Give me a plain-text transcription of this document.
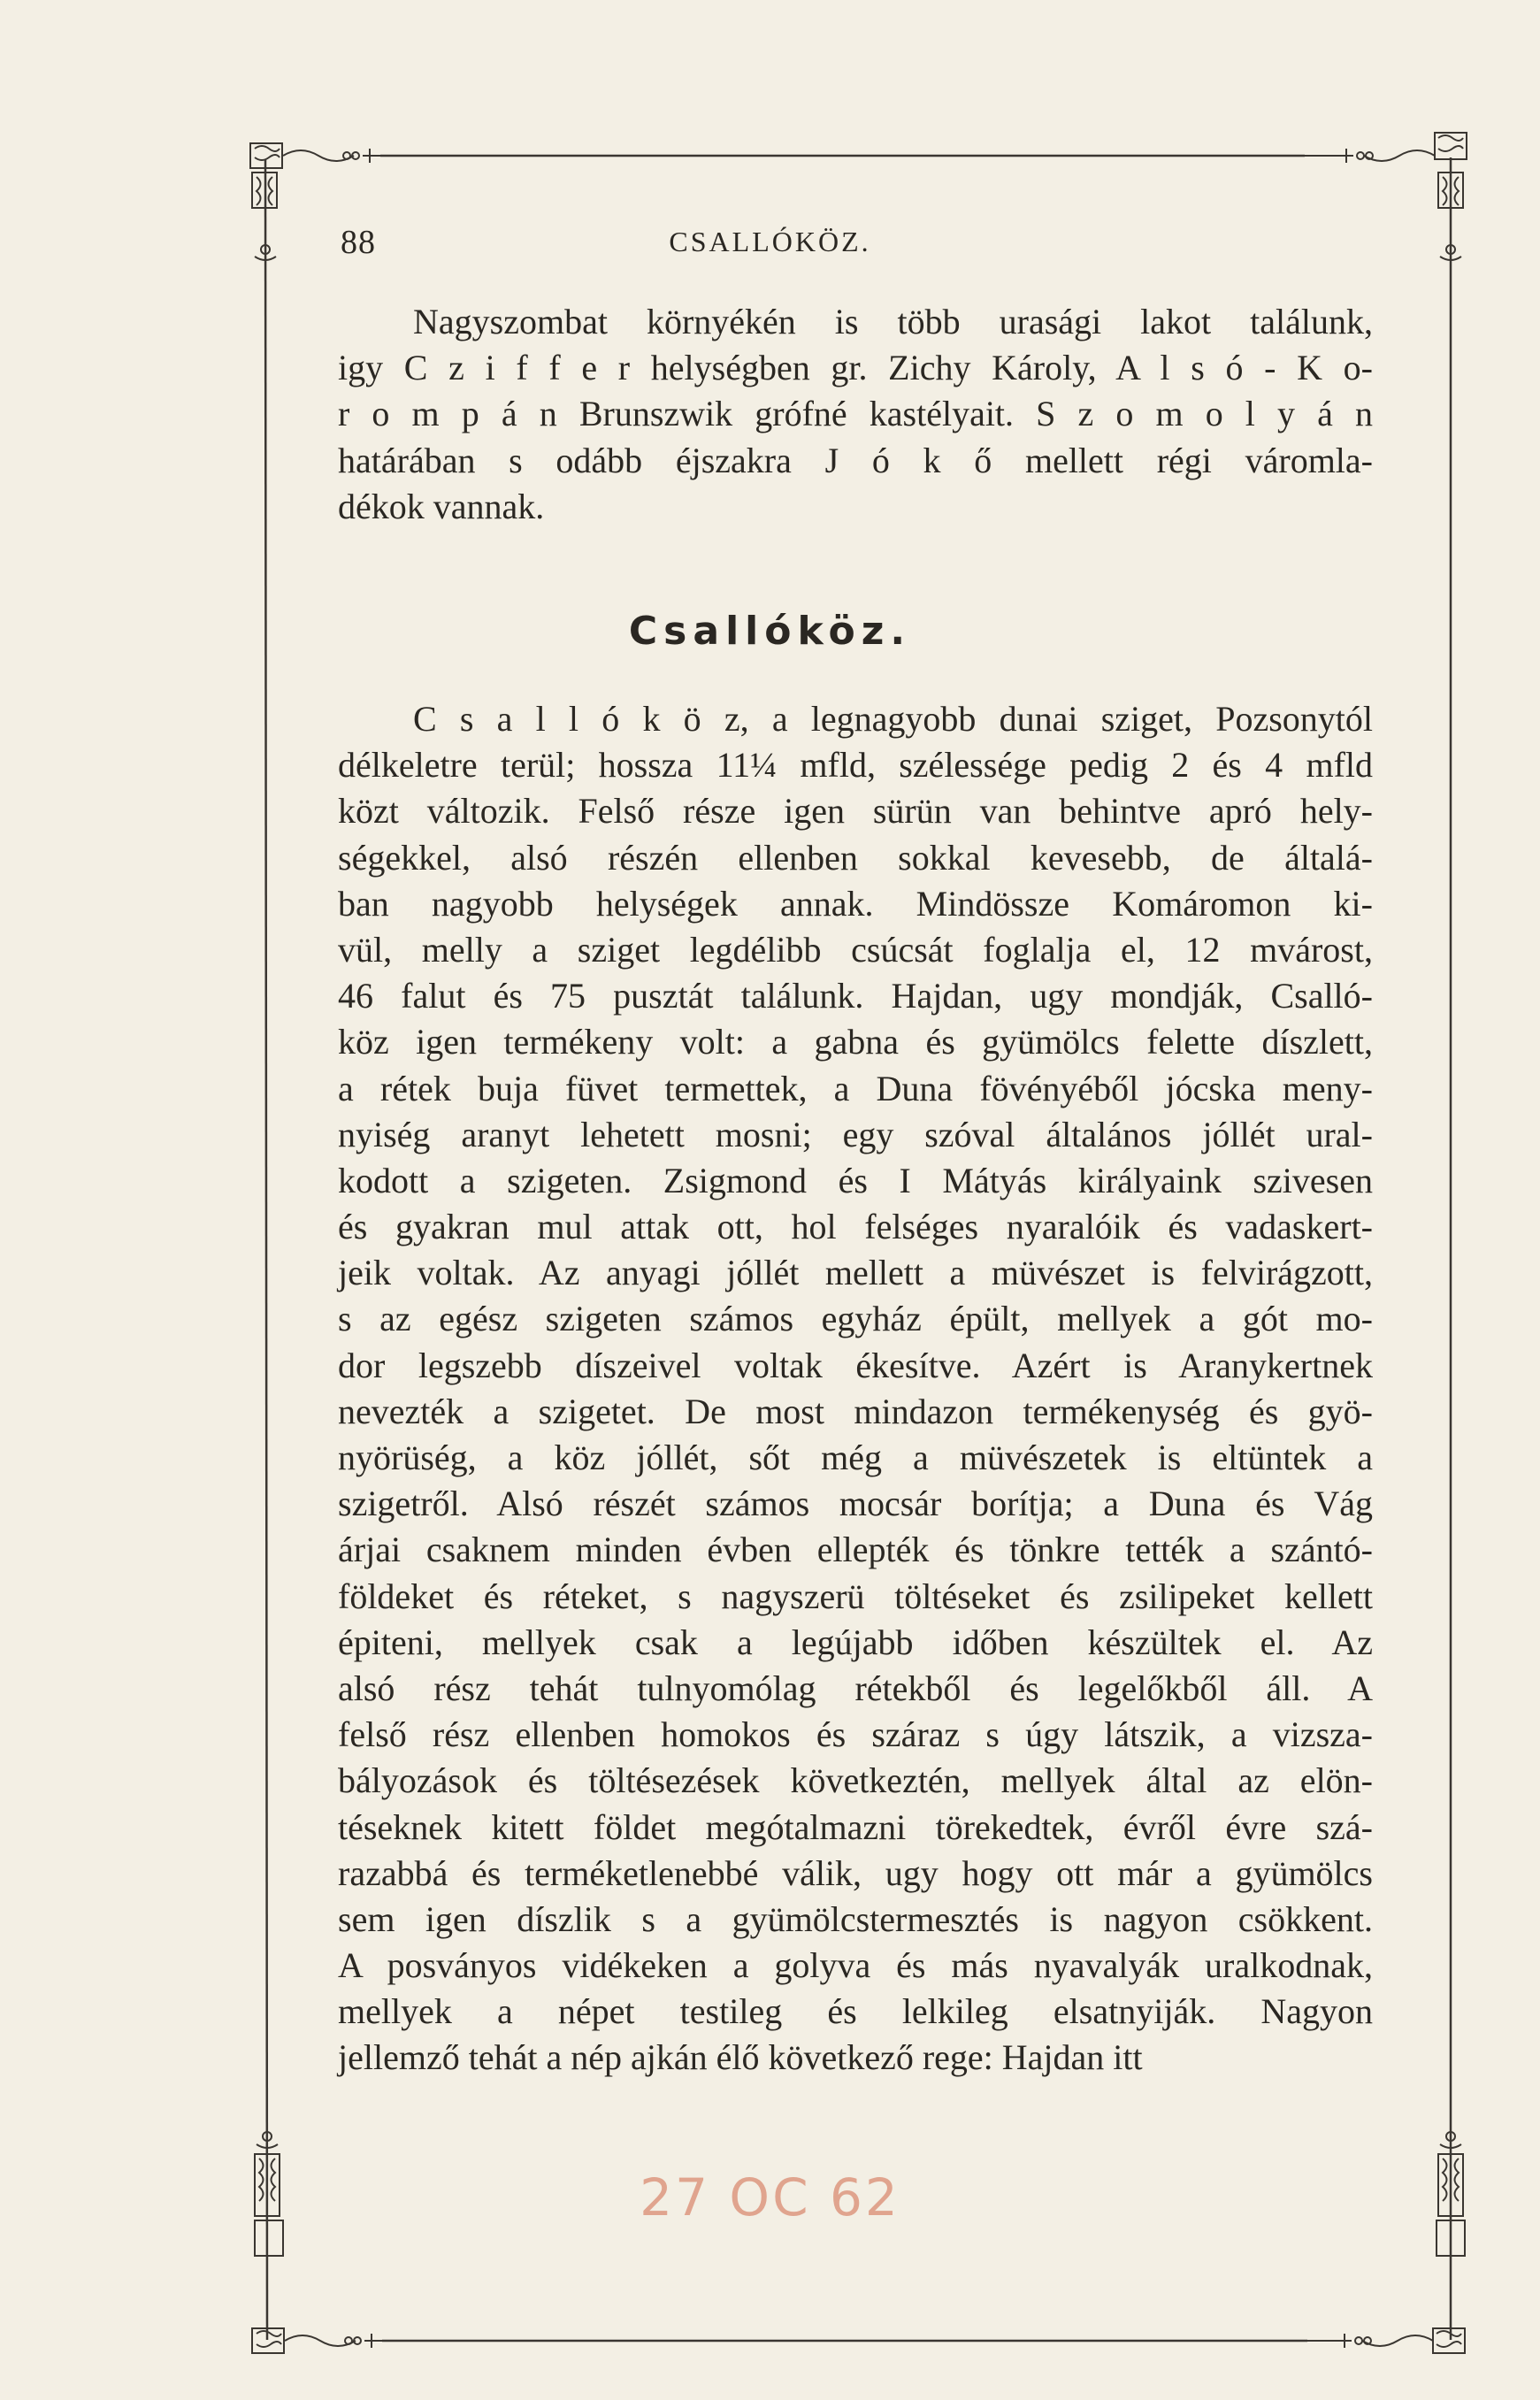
88	CSALLÓKÖZ.
Nagyszombat környékén is több urasági lakot találunk,
igy C z i f f e r helységben gr. Zichy Károly, A l s ó - K o-
r o m p á n Brunszwik grófné kastélyait. S z o m o l y á n
határában s odább éjszakra J ó k ő mellett régi váromla-
dékok vannak.
Csallóköz.
C s a l l ó k ö z, a legnagyobb dunai sziget, Pozsonytól
délkeletre terül; hossza 11¼ mfld, szélessége pedig 2 és 4 mfld
közt változik. Felső része igen sürün van behintve apró hely-
ségekkel, alsó részén ellenben sokkal kevesebb, de általá-
ban nagyobb helységek annak. Mindössze Komáromon ki-
vül, melly a sziget legdélibb csúcsát foglalja el, 12 mvárost,
46 falut és 75 pusztát találunk. Hajdan, ugy mondják, Csalló-
köz igen termékeny volt: a gabna és gyümölcs felette díszlett,
a rétek buja füvet termettek, a Duna fövényéből jócska meny-
nyiség aranyt lehetett mosni; egy szóval általános jóllét ural-
kodott a szigeten. Zsigmond és I Mátyás királyaink szivesen
és gyakran mul attak ott, hol felséges nyaralóik és vadaskert-
jeik voltak. Az anyagi jóllét mellett a müvészet is felvirágzott,
s az egész szigeten számos egyház épült, mellyek a gót mo-
dor legszebb díszeivel voltak ékesítve. Azért is Aranykertnek
nevezték a szigetet. De most mindazon termékenység és gyö-
nyörüség, a köz jóllét, sőt még a müvészetek is eltüntek a
szigetről. Alsó részét számos mocsár borítja; a Duna és Vág
árjai csaknem minden évben ellepték és tönkre tették a szántó-
földeket és réteket, s nagyszerü töltéseket és zsilipeket kellett
épiteni, mellyek csak a legújabb időben készültek el. Az
alsó rész tehát tulnyomólag rétekből és legelőkből áll. A
felső rész ellenben homokos és száraz s úgy látszik, a vizsza-
bályozások és töltésezések következtén, mellyek által az elön-
téseknek kitett földet megótalmazni törekedtek, évről évre szá-
razabbá és terméketlenebbé válik, ugy hogy ott már a gyümölcs
sem igen díszlik s a gyümölcstermesztés is nagyon csökkent.
A posványos vidékeken a golyva és más nyavalyák uralkodnak,
mellyek a népet testileg és lelkileg elsatnyiják. Nagyon
jellemző tehát a nép ajkán élő következő rege: Hajdan itt
27 OC 62
